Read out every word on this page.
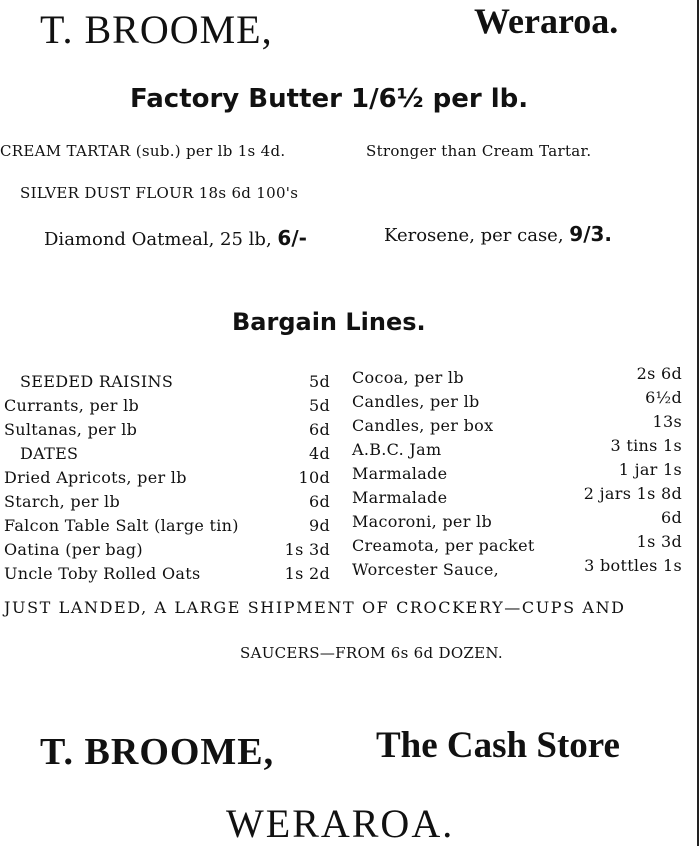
T. BROOME,	Weraroa.
Factory Butter 1/6½ per lb.
CREAM TARTAR (sub.) per lb 1s 4d.	Stronger than Cream Tartar.
SILVER DUST FLOUR 18s 6d 100's
Diamond Oatmeal, 25 lb, 6/-	Kerosene, per case, 9/3.
Bargain Lines.
SEEDED RAISINS	5d
Currants, per lb	5d
Sultanas, per lb	6d
DATES	4d
Dried Apricots, per lb	10d
Starch, per lb	6d
Falcon Table Salt (large tin)	9d
Oatina (per bag)	1s 3d
Uncle Toby Rolled Oats	1s 2d
Cocoa, per lb	2s 6d
Candles, per lb	6½d
Candles, per box	13s
A.B.C. Jam	3 tins 1s
Marmalade	1 jar 1s
Marmalade	2 jars 1s 8d
Macoroni, per lb	6d
Creamota, per packet	1s 3d
Worcester Sauce,	3 bottles 1s
JUST LANDED, A LARGE SHIPMENT OF CROCKERY—CUPS AND
SAUCERS—FROM 6s 6d DOZEN.
T. BROOME,	The Cash Store
WERAROA.
